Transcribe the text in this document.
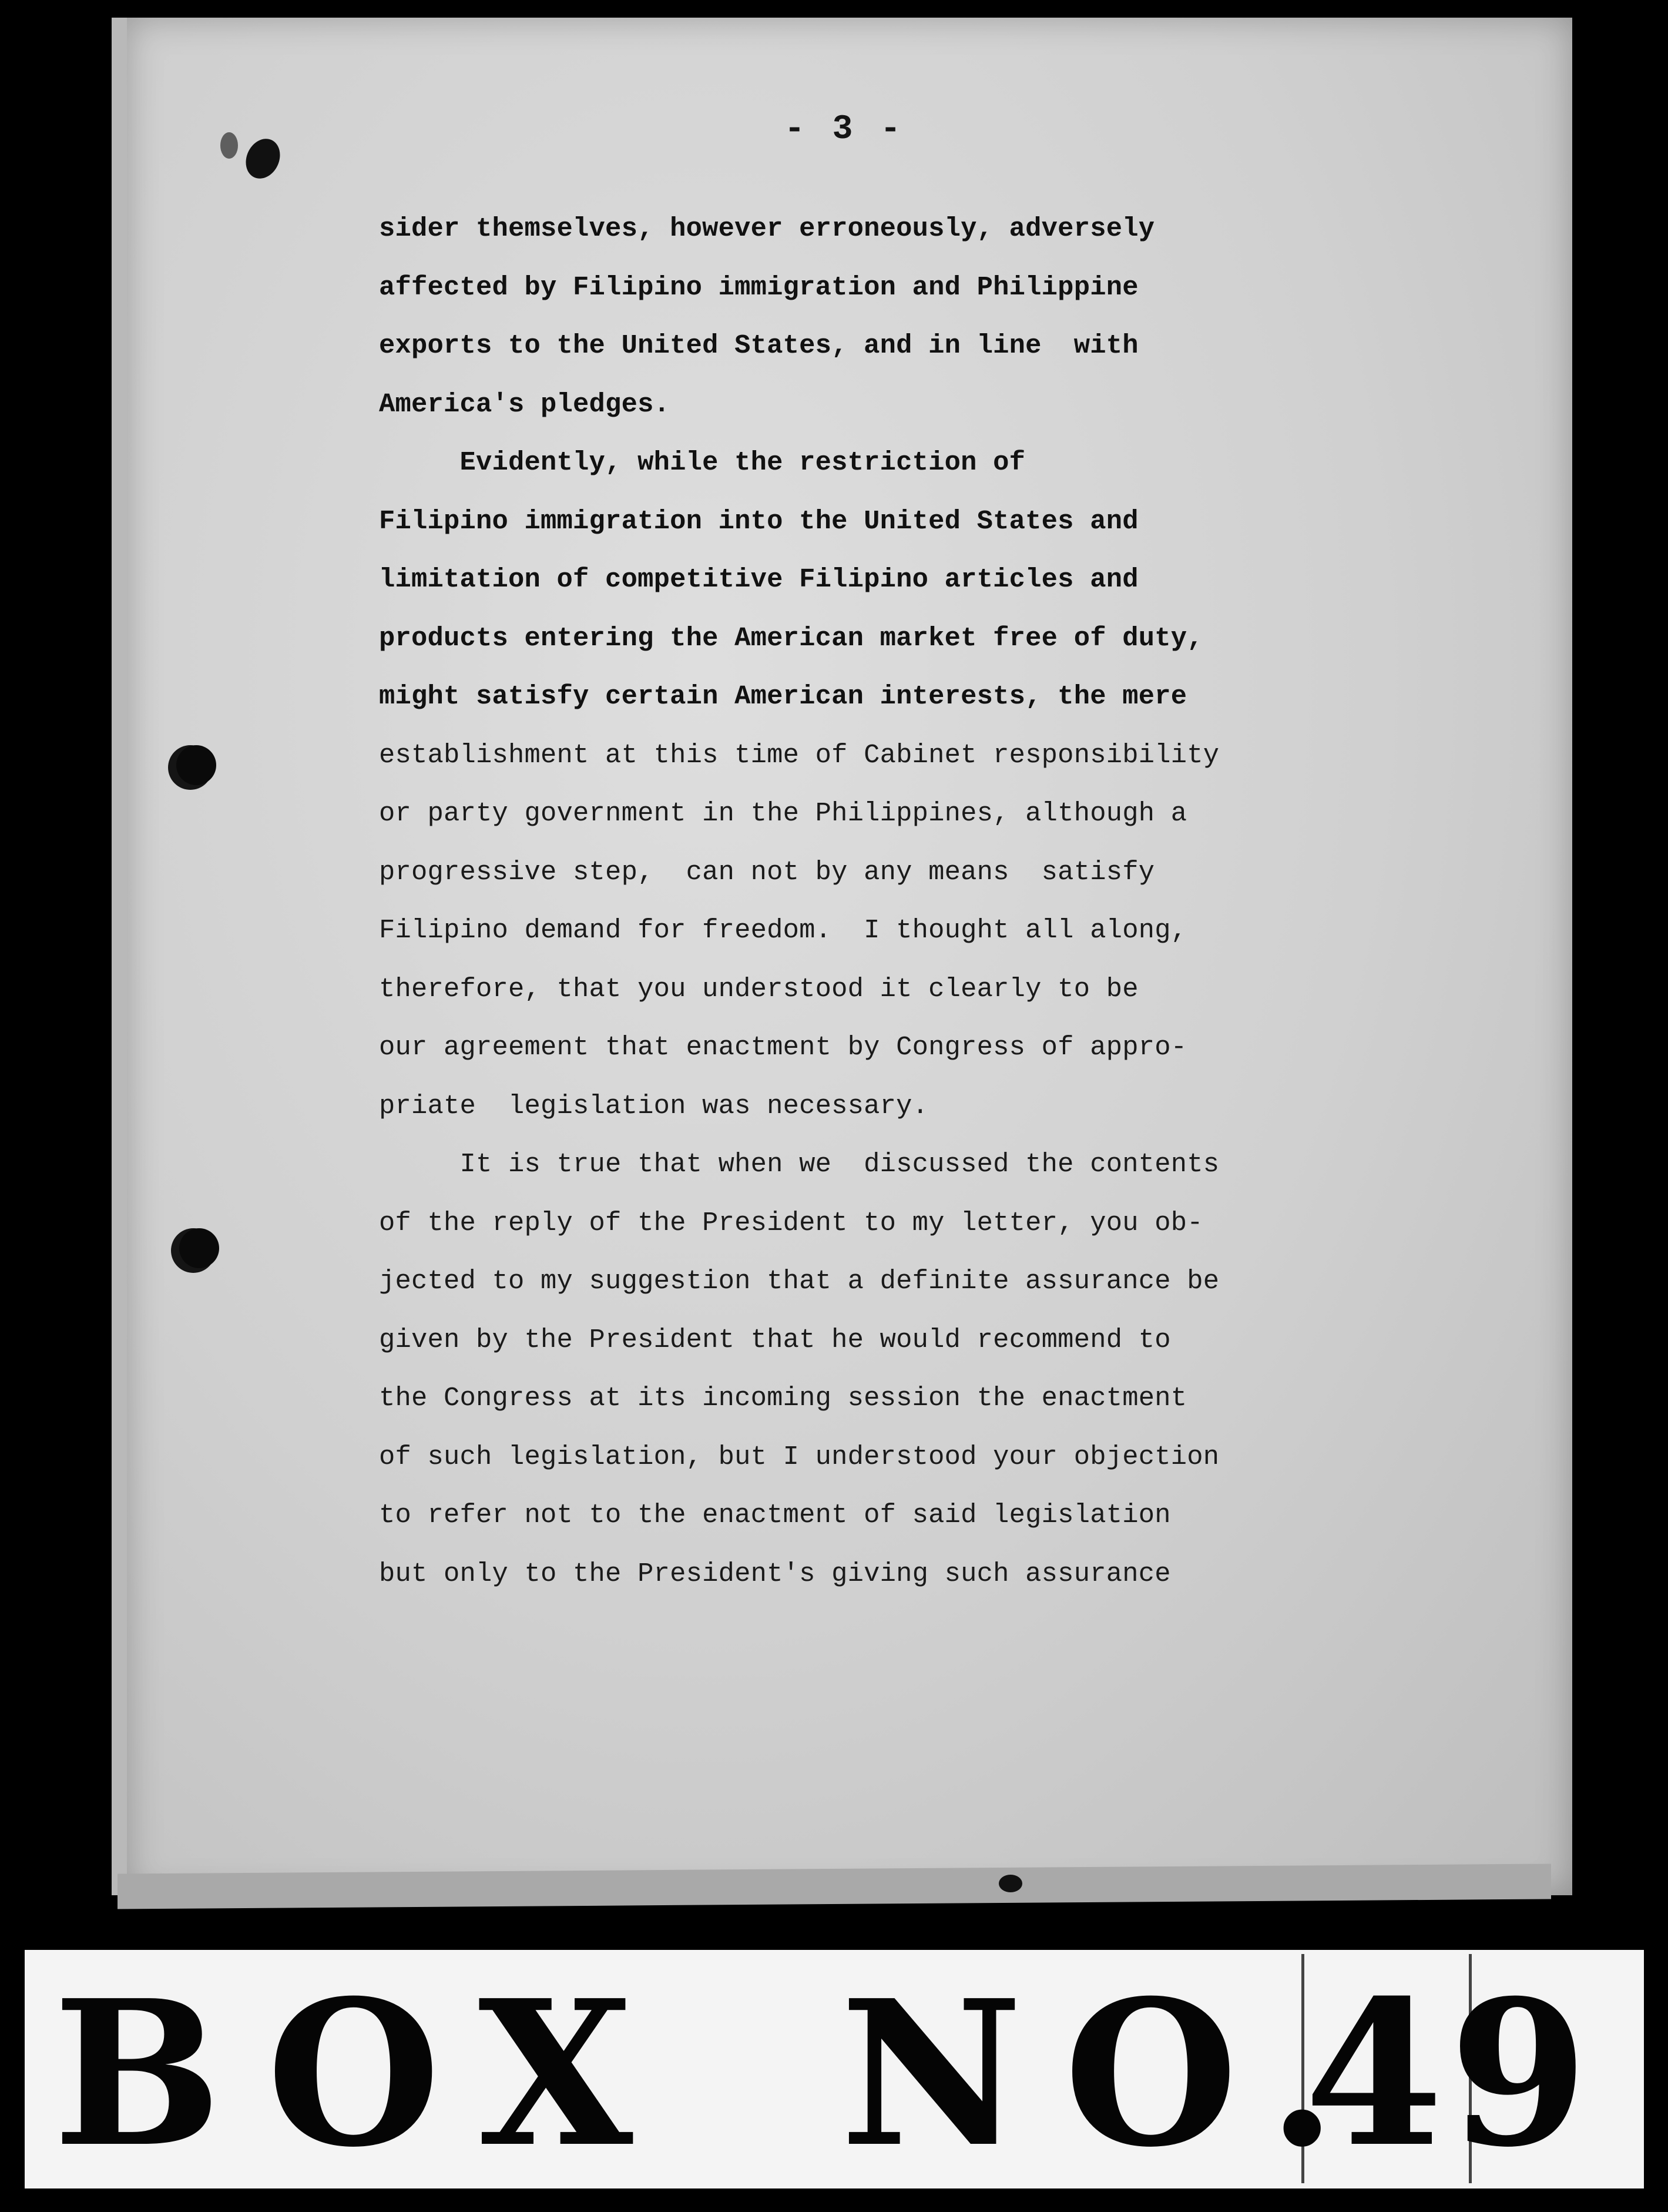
- 3 -
sider themselves, however erroneously, adversely
affected by Filipino immigration and Philippine
exports to the United States, and in line  with
America's pledges.
Evidently, while the restriction of
Filipino immigration into the United States and
limitation of competitive Filipino articles and
products entering the American market free of duty,
might satisfy certain American interests, the mere
establishment at this time of Cabinet responsibility
or party government in the Philippines, although a
progressive step,  can not by any means  satisfy
Filipino demand for freedom.  I thought all along,
therefore, that you understood it clearly to be
our agreement that enactment by Congress of appro-
priate  legislation was necessary.
It is true that when we  discussed the contents
of the reply of the President to my letter, you ob-
jected to my suggestion that a definite assurance be
given by the President that he would recommend to
the Congress at its incoming session the enactment
of such legislation, but I understood your objection
to refer not to the enactment of said legislation
but only to the President's giving such assurance
BOX NO.
49
